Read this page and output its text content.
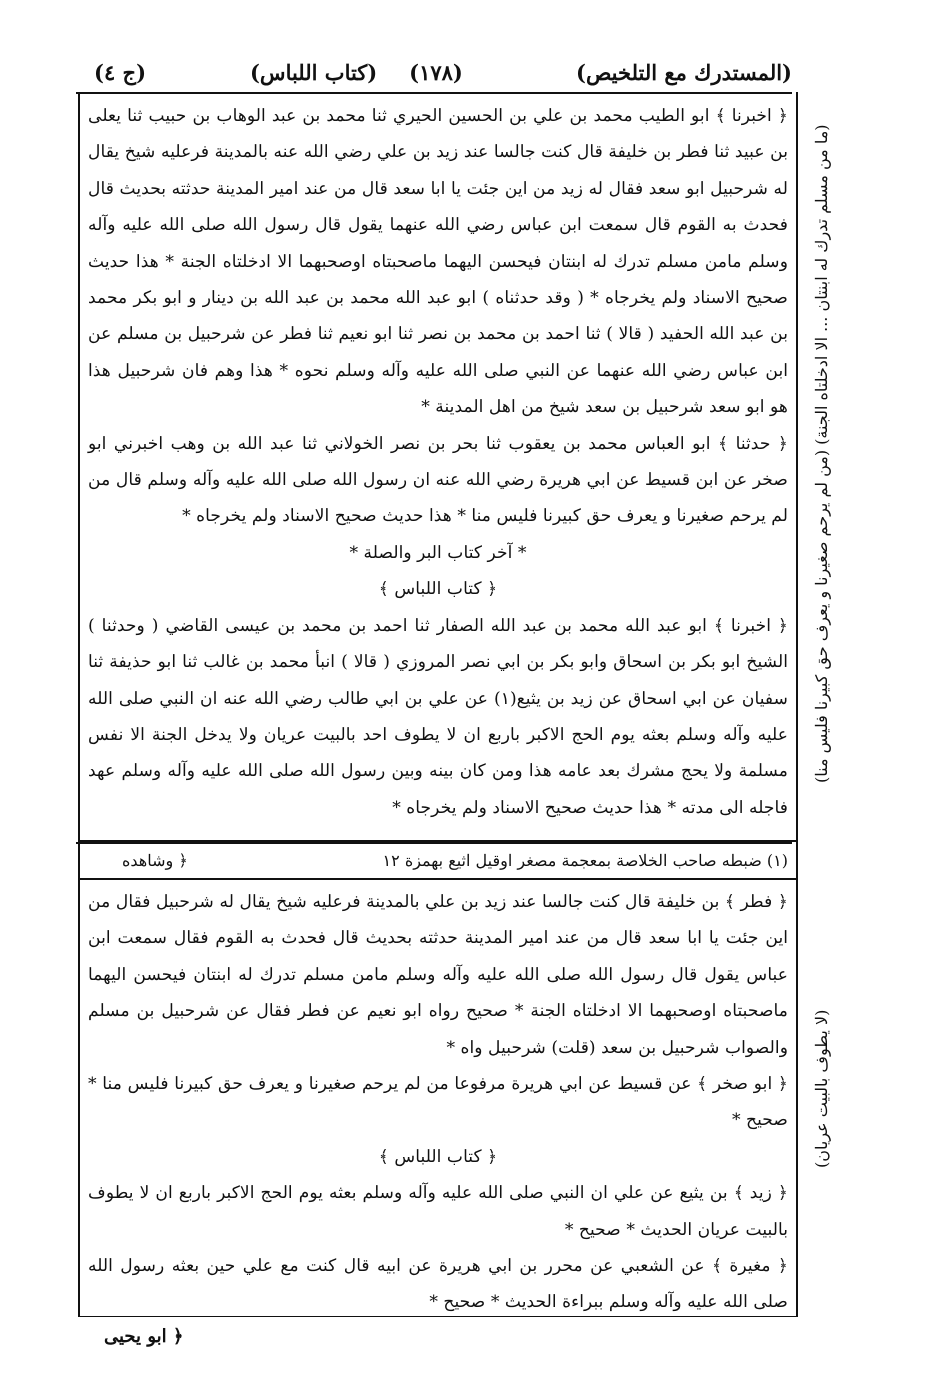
(المستدرك مع التلخيص)
(١٧٨)
(كتاب اللباس)
(ج ٤)

﴿ اخبرنا ﴾ ابو الطيب محمد بن علي بن الحسين الحيري ثنا محمد بن عبد الوهاب بن حبيب ثنا يعلى بن عبيد ثنا فطر بن خليفة قال كنت جالسا عند زيد بن علي رضي الله عنه بالمدينة فرعليه شيخ يقال له شرحبيل ابو سعد فقال له زيد من اين جئت يا ابا سعد قال من عند امير المدينة حدثته بحديث قال فحدث به القوم قال سمعت ابن عباس رضي الله عنهما يقول قال رسول الله صلى الله عليه وآله وسلم مامن مسلم تدرك له ابنتان فيحسن اليهما ماصحبتاه اوصحبهما الا ادخلتاه الجنة * هذا حديث صحيح الاسناد ولم يخرجاه * ( وقد حدثناه ) ابو عبد الله محمد بن عبد الله بن دينار و ابو بكر محمد بن عبد الله الحفيد ( قالا ) ثنا احمد بن محمد بن نصر ثنا ابو نعيم ثنا فطر عن شرحبيل بن مسلم عن ابن عباس رضي الله عنهما عن النبي صلى الله عليه وآله وسلم نحوه * هذا وهم فان شرحبيل هذا هو ابو سعد شرحبيل بن سعد شيخ من اهل المدينة *

﴿ حدثنا ﴾ ابو العباس محمد بن يعقوب ثنا بحر بن نصر الخولاني ثنا عبد الله بن وهب اخبرني ابو صخر عن ابن قسيط عن ابي هريرة رضي الله عنه ان رسول الله صلى الله عليه وآله وسلم قال من لم يرحم صغيرنا و يعرف حق كبيرنا فليس منا * هذا حديث صحيح الاسناد ولم يخرجاه *

* آخر كتاب البر والصلة *

﴿ كتاب اللباس ﴾

﴿ اخبرنا ﴾ ابو عبد الله محمد بن عبد الله الصفار ثنا احمد بن محمد بن عيسى القاضي ( وحدثنا ) الشيخ ابو بكر بن اسحاق وابو بكر بن ابي نصر المروزي ( قالا ) انبأ محمد بن غالب ثنا ابو حذيفة ثنا سفيان عن ابي اسحاق عن زيد بن يثيع(١) عن علي بن ابي طالب رضي الله عنه ان النبي صلى الله عليه وآله وسلم بعثه يوم الحج الاكبر باربع ان لا يطوف احد بالبيت عريان ولا يدخل الجنة الا نفس مسلمة ولا يحج مشرك بعد عامه هذا ومن كان بينه وبين رسول الله صلى الله عليه وآله وسلم عهد فاجله الى مدته * هذا حديث صحيح الاسناد ولم يخرجاه *

(١) ضبطه صاحب الخلاصة بمعجمة مصغر اوقيل اثيع بهمزة ١٢
﴿ وشاهده

﴿ فطر ﴾ بن خليفة قال كنت جالسا عند زيد بن علي بالمدينة فرعليه شيخ يقال له شرحبيل فقال من اين جئت يا ابا سعد قال من عند امير المدينة حدثته بحديث قال فحدث به القوم فقال سمعت ابن عباس يقول قال رسول الله صلى الله عليه وآله وسلم مامن مسلم تدرك له ابنتان فيحسن اليهما ماصحبتاه اوصحبهما الا ادخلتاه الجنة * صحيح رواه ابو نعيم عن فطر فقال عن شرحبيل بن مسلم والصواب شرحبيل بن سعد (قلت) شرحبيل واه *

﴿ ابو صخر ﴾ عن قسيط عن ابي هريرة مرفوعا من لم يرحم صغيرنا و يعرف حق كبيرنا فليس منا * صحيح *

﴿ كتاب اللباس ﴾

﴿ زيد ﴾ بن يثيع عن علي ان النبي صلى الله عليه وآله وسلم بعثه يوم الحج الاكبر باربع ان لا يطوف بالبيت عريان الحديث * صحيح *

﴿ مغيرة ﴾ عن الشعبي عن محرر بن ابي هريرة عن ابيه قال كنت مع علي حين بعثه رسول الله صلى الله عليه وآله وسلم ببراءة الحديث * صحيح *

﴿ ابو يحيى
(ما من مسلم تدرك له ابنتان ... الا ادخلتاه الجنة) (من لم يرحم صغيرنا و يعرف حق كبيرنا فليس منا)
(لا يطوف بالبيت عريان)
